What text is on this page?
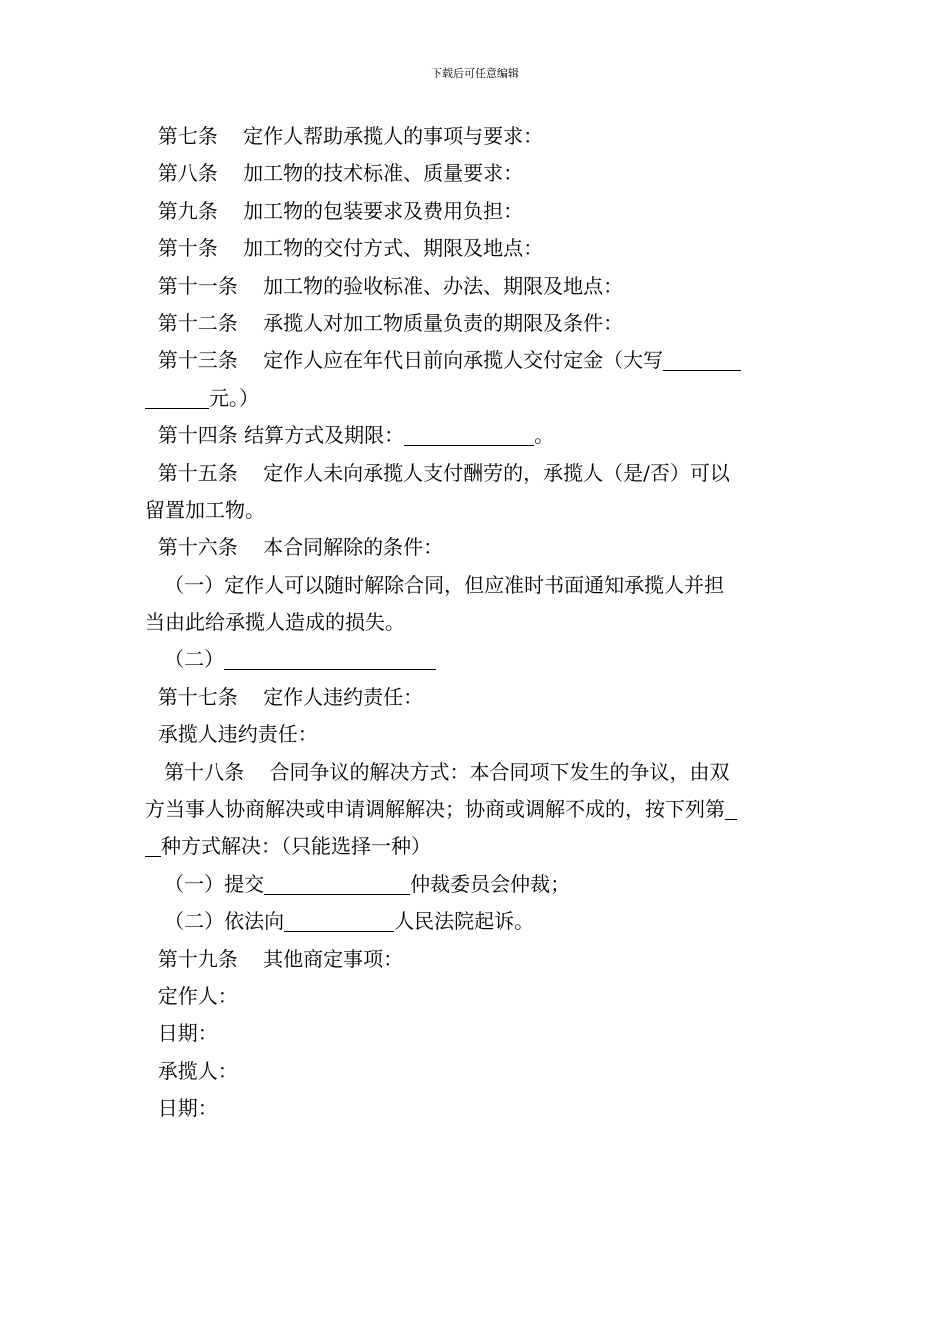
下载后可任意编辑
第七条    定作人帮助承揽人的事项与要求：
第八条    加工物的技术标准、质量要求：
第九条    加工物的包装要求及费用负担：
第十条    加工物的交付方式、期限及地点：
第十一条    加工物的验收标准、办法、期限及地点：
第十二条    承揽人对加工物质量负责的期限及条件：
第十三条    定作人应在年代日前向承揽人交付定金（大写
元。）
第十四条 结算方式及期限：	。
第十五条    定作人未向承揽人支付酬劳的，承揽人（是/否）可以
留置加工物。
第十六条    本合同解除的条件：
（一）定作人可以随时解除合同，但应准时书面通知承揽人并担
当由此给承揽人造成的损失。
（二）
第十七条    定作人违约责任：
承揽人违约责任：
第十八条    合同争议的解决方式：本合同项下发生的争议，由双
方当事人协商解决或申请调解解决；协商或调解不成的，按下列第
种方式解决：（只能选择一种）
（一）提交	仲裁委员会仲裁；
（二）依法向	人民法院起诉。
第十九条    其他商定事项：
定作人：
日期：
承揽人：
日期：
